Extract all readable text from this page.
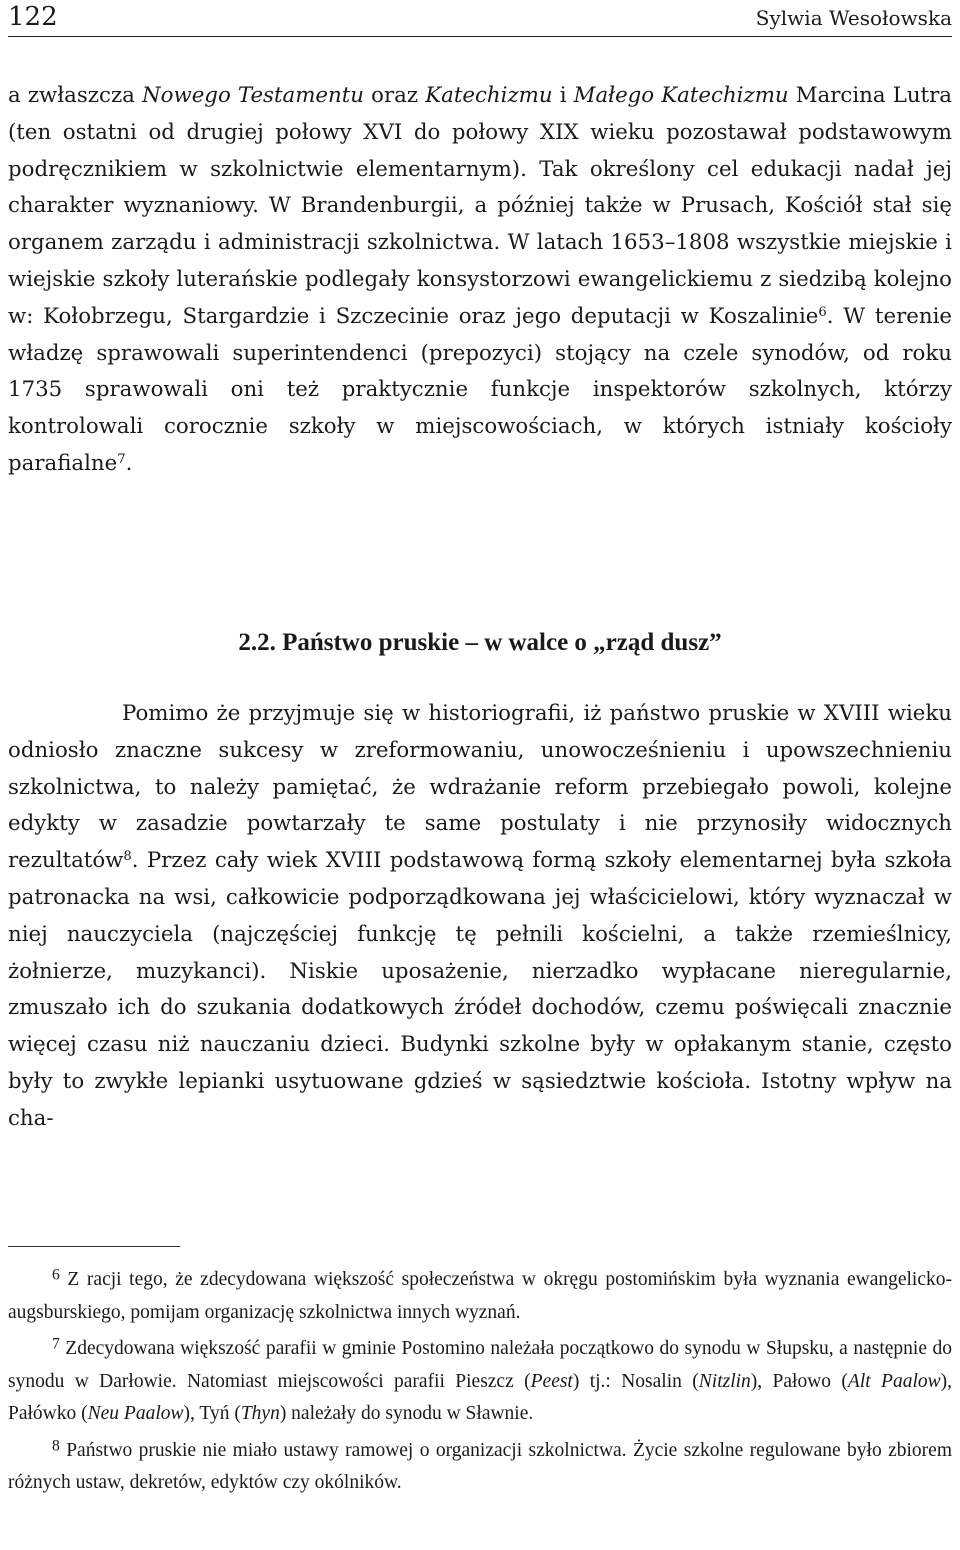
122	Sylwia Wesołowska

a zwłaszcza Nowego Testamentu oraz Katechizmu i Małego Katechizmu Marcina Lutra (ten ostatni od drugiej połowy XVI do połowy XIX wieku pozostawał podstawowym podręcznikiem w szkolnictwie elementarnym). Tak określony cel edukacji nadał jej charakter wyznaniowy. W Brandenburgii, a później także w Prusach, Kościół stał się organem zarządu i administracji szkolnictwa. W latach 1653–1808 wszystkie miejskie i wiejskie szkoły luterańskie podlegały konsystorzowi ewangelickiemu z siedzibą kolejno w: Kołobrzegu, Stargardzie i Szczecinie oraz jego deputacji w Koszalinie$^6$. W terenie władzę sprawowali superintendenci (prepozyci) stojący na czele synodów, od roku 1735 sprawowali oni też praktycznie funkcje inspektorów szkolnych, którzy kontrolowali corocznie szkoły w miejscowościach, w których istniały kościoły parafialne$^7$.

2.2. Państwo pruskie – w walce o „rząd dusz”

Pomimo że przyjmuje się w historiografii, iż państwo pruskie w XVIII wieku odniosło znaczne sukcesy w zreformowaniu, unowocześnieniu i upowszechnieniu szkolnictwa, to należy pamiętać, że wdrażanie reform przebiegało powoli, kolejne edykty w zasadzie powtarzały te same postulaty i nie przynosiły widocznych rezultatów$^8$. Przez cały wiek XVIII podstawową formą szkoły elementarnej była szkoła patronacka na wsi, całkowicie podporządkowana jej właścicielowi, który wyznaczał w niej nauczyciela (najczęściej funkcję tę pełnili kościelni, a także rzemieślnicy, żołnierze, muzykanci). Niskie uposażenie, nierzadko wypłacane nieregularnie, zmuszało ich do szukania dodatkowych źródeł dochodów, czemu poświęcali znacznie więcej czasu niż nauczaniu dzieci. Budynki szkolne były w opłakanym stanie, często były to zwykłe lepianki usytuowane gdzieś w sąsiedztwie kościoła. Istotny wpływ na cha-

$^6$ Z racji tego, że zdecydowana większość społeczeństwa w okręgu postomińskim była wyznania ewangelicko-augsburskiego, pomijam organizację szkolnictwa innych wyznań.

$^7$ Zdecydowana większość parafii w gminie Postomino należała początkowo do synodu w Słupsku, a następnie do synodu w Darłowie. Natomiast miejscowości parafii Pieszcz (Peest) tj.: Nosalin (Nitzlin), Pałowo (Alt Paalow), Pałówko (Neu Paalow), Tyń (Thyn) należały do synodu w Sławnie.

$^8$ Państwo pruskie nie miało ustawy ramowej o organizacji szkolnictwa. Życie szkolne regulowane było zbiorem różnych ustaw, dekretów, edyktów czy okólników.
